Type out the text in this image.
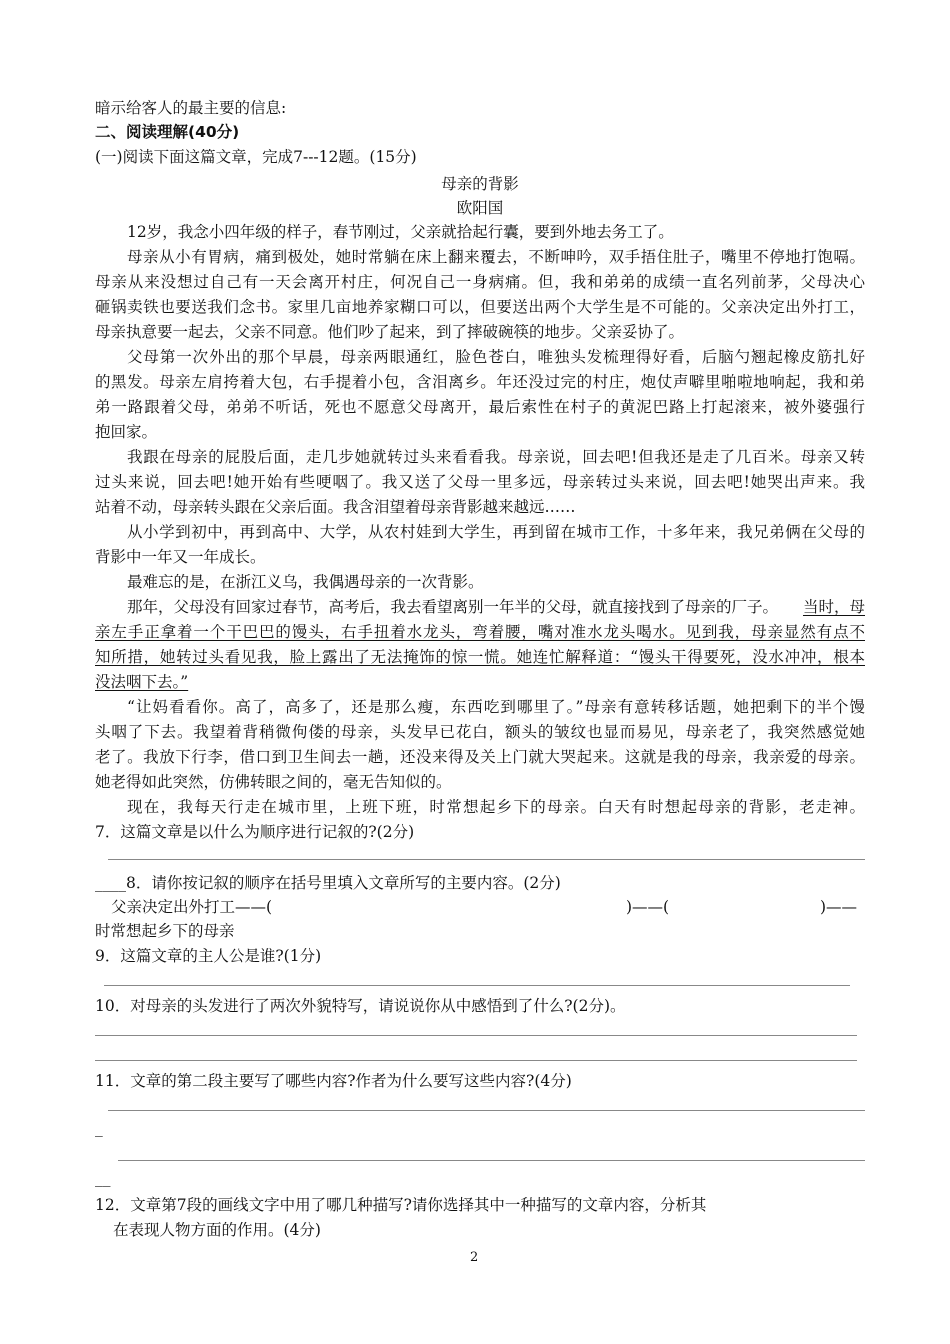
暗示给客人的最主要的信息:
二、阅读理解(40分)
(一)阅读下面这篇文章，完成7---12题。(15分)
母亲的背影
欧阳国
12岁，我念小四年级的样子，春节刚过，父亲就拾起行囊，要到外地去务工了。
母亲从小有胃病，痛到极处，她时常躺在床上翻来覆去，不断呻吟，双手捂住肚子，嘴里不停地打饱嗝。
母亲从来没想过自己有一天会离开村庄，何况自己一身病痛。但，我和弟弟的成绩一直名列前茅，父母决心
砸锅卖铁也要送我们念书。家里几亩地养家糊口可以，但要送出两个大学生是不可能的。父亲决定出外打工，
母亲执意要一起去，父亲不同意。他们吵了起来，到了摔破碗筷的地步。父亲妥协了。
父母第一次外出的那个早晨，母亲两眼通红，脸色苍白，唯独头发梳理得好看，后脑勺翘起橡皮筋扎好
的黑发。母亲左肩挎着大包，右手提着小包，含泪离乡。年还没过完的村庄，炮仗声噼里啪啦地响起，我和弟
弟一路跟着父母，弟弟不听话，死也不愿意父母离开，最后索性在村子的黄泥巴路上打起滚来，被外婆强行
抱回家。
我跟在母亲的屁股后面，走几步她就转过头来看看我。母亲说，回去吧!但我还是走了几百米。母亲又转
过头来说，回去吧!她开始有些哽咽了。我又送了父母一里多远，母亲转过头来说，回去吧!她哭出声来。我
站着不动，母亲转头跟在父亲后面。我含泪望着母亲背影越来越远……
从小学到初中，再到高中、大学，从农村娃到大学生，再到留在城市工作，十多年来，我兄弟俩在父母的
背影中一年又一年成长。
最难忘的是，在浙江义乌，我偶遇母亲的一次背影。
那年，父母没有回家过春节，高考后，我去看望离别一年半的父母，就直接找到了母亲的厂子。 当时，母
亲左手正拿着一个干巴巴的馒头，右手扭着水龙头，弯着腰，嘴对准水龙头喝水。见到我，母亲显然有点不
知所措，她转过头看见我，脸上露出了无法掩饰的惊一慌。她连忙解释道：“馒头干得要死，没水冲冲，根本
没法咽下去。”
“让妈看看你。高了，高多了，还是那么瘦，东西吃到哪里了。”母亲有意转移话题，她把剩下的半个馒
头咽了下去。我望着背稍微佝偻的母亲，头发早已花白，额头的皱纹也显而易见，母亲老了，我突然感觉她
老了。我放下行李，借口到卫生间去一趟，还没来得及关上门就大哭起来。这就是我的母亲，我亲爱的母亲。
她老得如此突然，仿佛转眼之间的，毫无告知似的。
现在，我每天行走在城市里，上班下班，时常想起乡下的母亲。白天有时想起母亲的背影，老走神。
7．这篇文章是以什么为顺序进行记叙的?(2分)
____8．请你按记叙的顺序在括号里填入文章所写的主要内容。(2分)
父亲决定出外打工——(	)——(	)——
时常想起乡下的母亲
9．这篇文章的主人公是谁?(1分)
10．对母亲的头发进行了两次外貌特写，请说说你从中感悟到了什么?(2分)。
11．文章的第二段主要写了哪些内容?作者为什么要写这些内容?(4分)
_
__
12．文章第7段的画线文字中用了哪几种描写?请你选择其中一种描写的文章内容，分析其
在表现人物方面的作用。(4分)
2
